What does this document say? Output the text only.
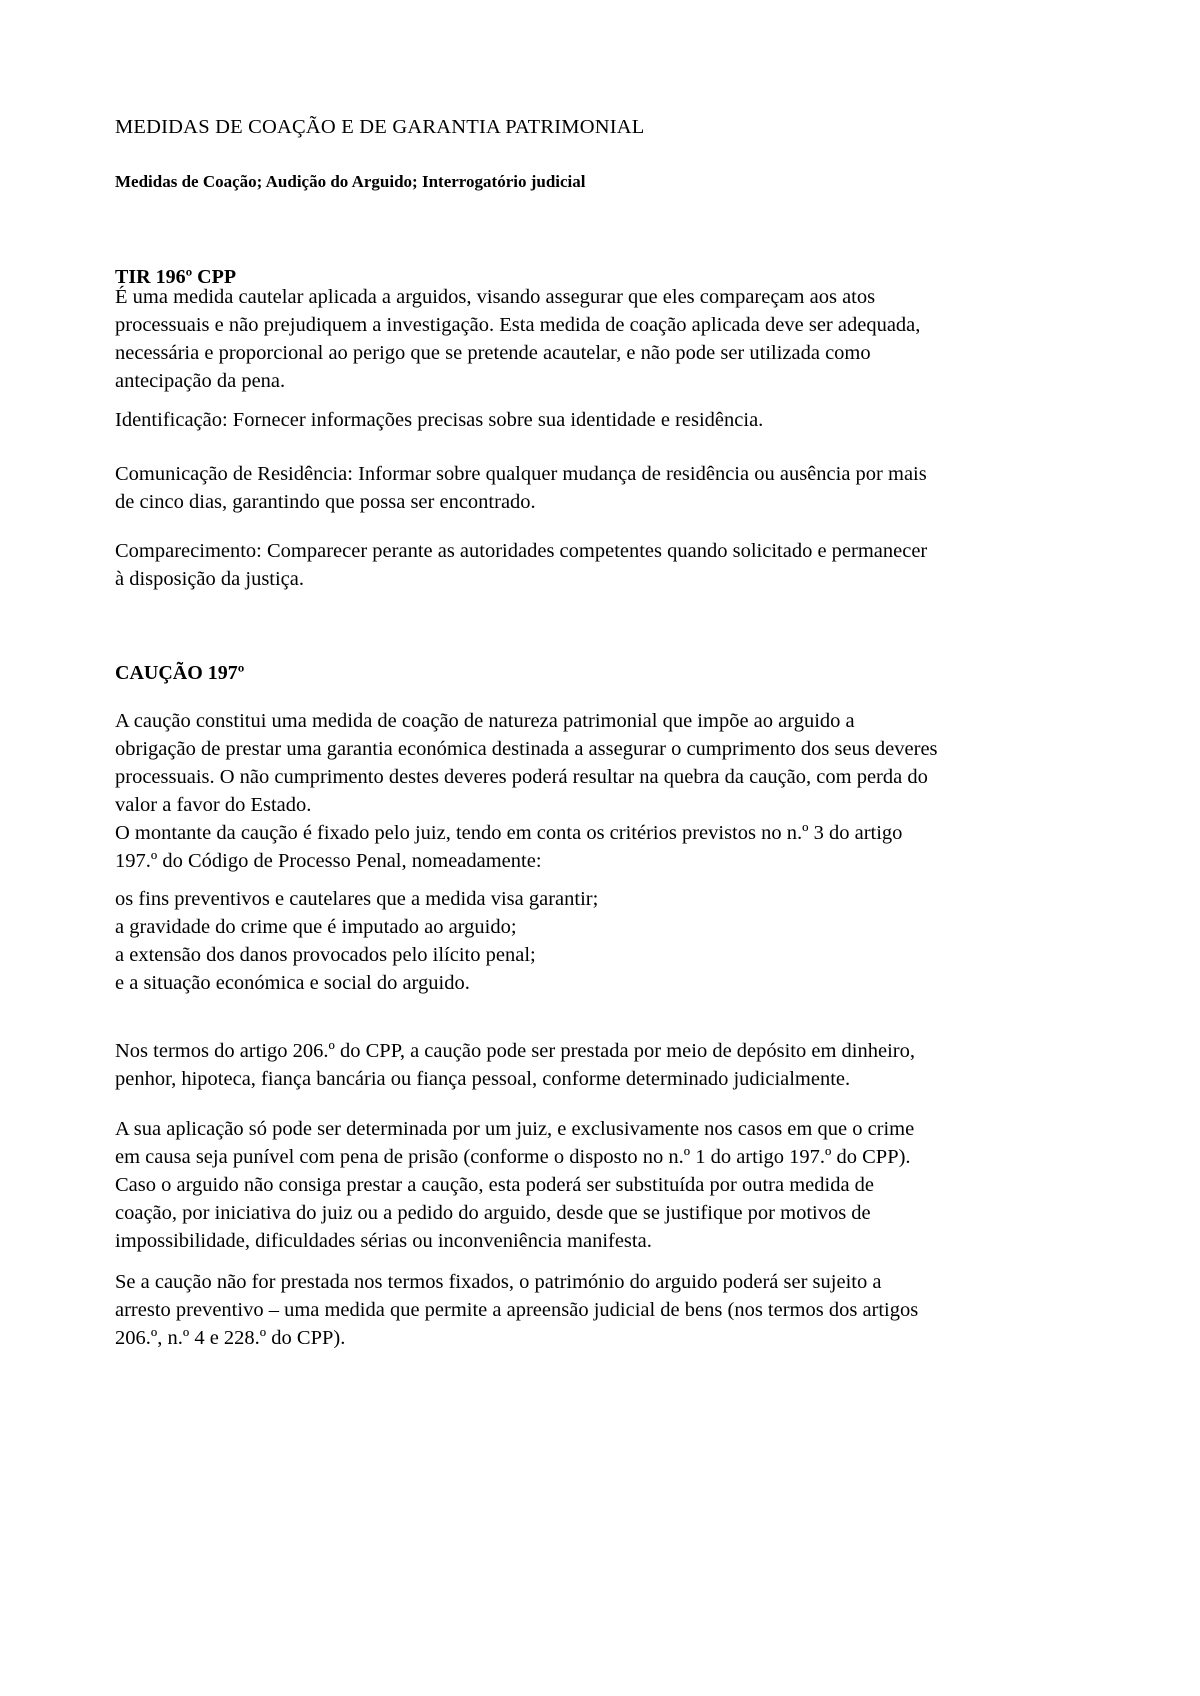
MEDIDAS DE COAÇÃO E DE GARANTIA PATRIMONIAL
Medidas de Coação; Audição do Arguido; Interrogatório judicial
TIR 196º CPP
É uma medida cautelar aplicada a arguidos, visando assegurar que eles compareçam aos atos
processuais e não prejudiquem a investigação. Esta medida de coação aplicada deve ser adequada,
necessária e proporcional ao perigo que se pretende acautelar, e não pode ser utilizada como
antecipação da pena.
Identificação: Fornecer informações precisas sobre sua identidade e residência.
Comunicação de Residência: Informar sobre qualquer mudança de residência ou ausência por mais
de cinco dias, garantindo que possa ser encontrado.
Comparecimento: Comparecer perante as autoridades competentes quando solicitado e permanecer
à disposição da justiça.
CAUÇÃO 197º
A caução constitui uma medida de coação de natureza patrimonial que impõe ao arguido a
obrigação de prestar uma garantia económica destinada a assegurar o cumprimento dos seus deveres
processuais. O não cumprimento destes deveres poderá resultar na quebra da caução, com perda do
valor a favor do Estado.
O montante da caução é fixado pelo juiz, tendo em conta os critérios previstos no n.º 3 do artigo
197.º do Código de Processo Penal, nomeadamente:
os fins preventivos e cautelares que a medida visa garantir;
a gravidade do crime que é imputado ao arguido;
a extensão dos danos provocados pelo ilícito penal;
e a situação económica e social do arguido.
Nos termos do artigo 206.º do CPP, a caução pode ser prestada por meio de depósito em dinheiro,
penhor, hipoteca, fiança bancária ou fiança pessoal, conforme determinado judicialmente.
A sua aplicação só pode ser determinada por um juiz, e exclusivamente nos casos em que o crime
em causa seja punível com pena de prisão (conforme o disposto no n.º 1 do artigo 197.º do CPP).
Caso o arguido não consiga prestar a caução, esta poderá ser substituída por outra medida de
coação, por iniciativa do juiz ou a pedido do arguido, desde que se justifique por motivos de
impossibilidade, dificuldades sérias ou inconveniência manifesta.
Se a caução não for prestada nos termos fixados, o património do arguido poderá ser sujeito a
arresto preventivo – uma medida que permite a apreensão judicial de bens (nos termos dos artigos
206.º, n.º 4 e 228.º do CPP).
